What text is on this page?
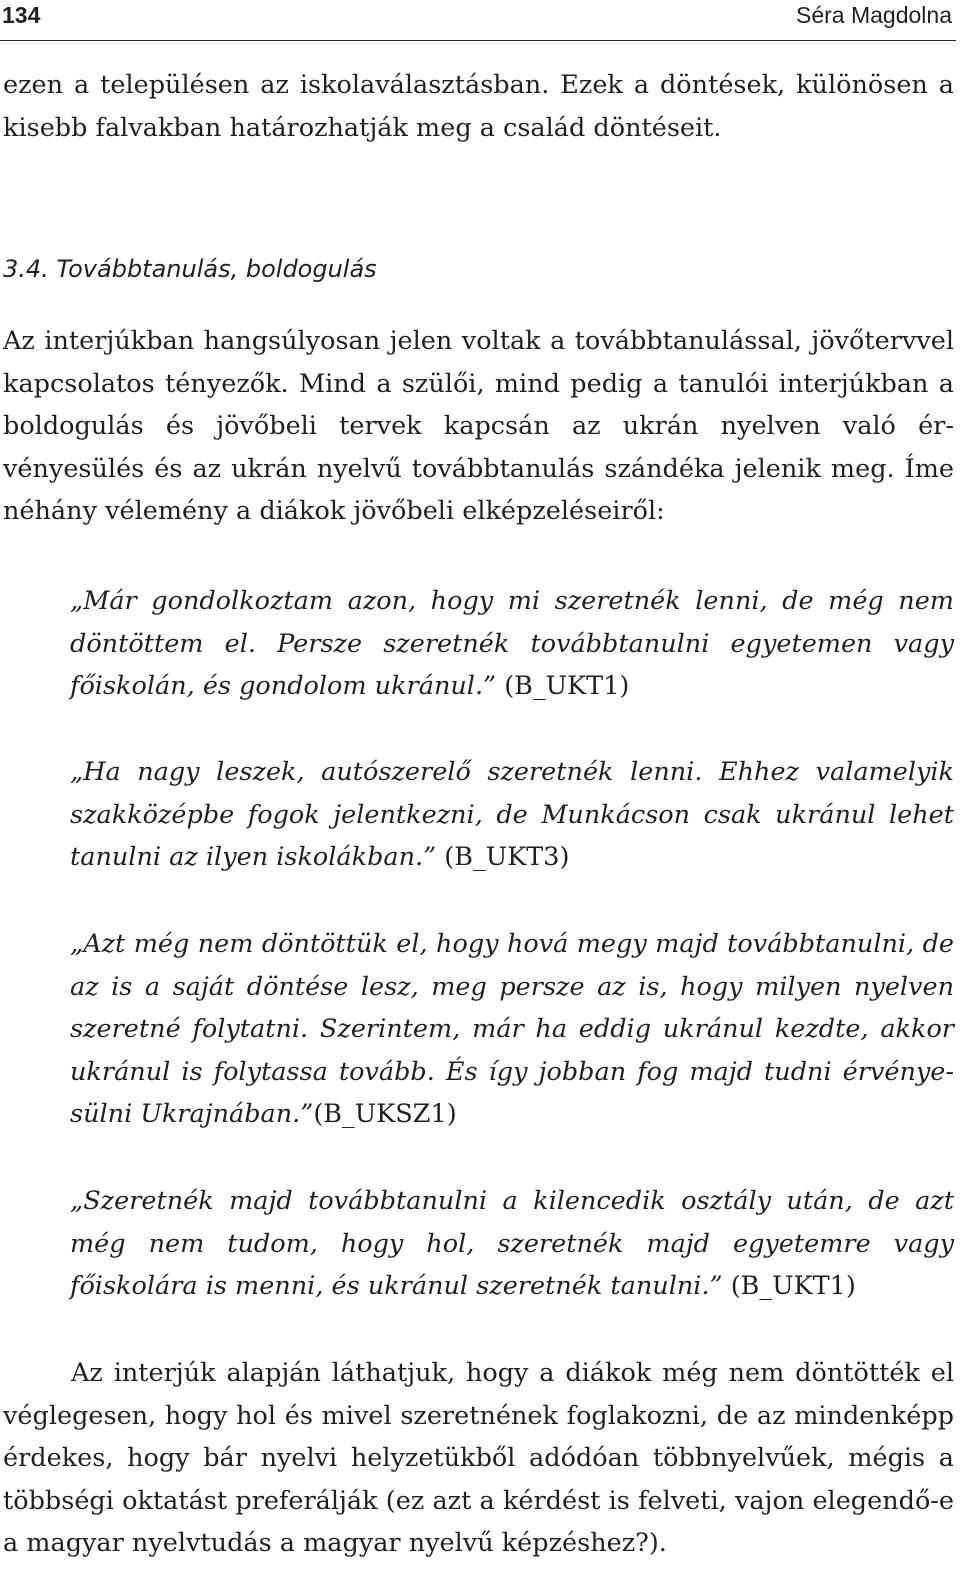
134	Séra Magdolna

ezen a településen az iskolaválasztásban. Ezek a döntések, különösen a kisebb falvakban határozhatják meg a család döntéseit.

3.4. Továbbtanulás, boldogulás

Az interjúkban hangsúlyosan jelen voltak a továbbtanulással, jövőtervvel kapcsolatos tényezők. Mind a szülői, mind pedig a tanulói interjúkban a boldogulás és jövőbeli tervek kapcsán az ukrán nyelven való érvényesülés és az ukrán nyelvű továbbtanulás szándéka jelenik meg. Íme néhány vélemény a diákok jövőbeli elképzeléseiről:

„Már gondolkoztam azon, hogy mi szeretnék lenni, de még nem döntöttem el. Persze szeretnék továbbtanulni egyetemen vagy főiskolán, és gondolom ukránul.” (B_UKT1)

„Ha nagy leszek, autószerelő szeretnék lenni. Ehhez valamelyik szakközépbe fogok jelentkezni, de Munkácson csak ukránul lehet tanulni az ilyen iskolákban.” (B_UKT3)

„Azt még nem döntöttük el, hogy hová megy majd továbbtanulni, de az is a saját döntése lesz, meg persze az is, hogy milyen nyelven szeretné folytatni. Szerintem, már ha eddig ukránul kezdte, akkor ukránul is folytassa tovább. És így jobban fog majd tudni érvényesülni Ukrajnában.”(B_UKSZ1)

„Szeretnék majd továbbtanulni a kilencedik osztály után, de azt még nem tudom, hogy hol, szeretnék majd egyetemre vagy főiskolára is menni, és ukránul szeretnék tanulni.” (B_UKT1)

Az interjúk alapján láthatjuk, hogy a diákok még nem döntötték el véglegesen, hogy hol és mivel szeretnének foglakozni, de az mindenképp érdekes, hogy bár nyelvi helyzetükből adódóan többnyelvűek, mégis a többségi oktatást preferálják (ez azt a kérdést is felveti, vajon elegendő-e a magyar nyelvtudás a magyar nyelvű képzéshez?).
